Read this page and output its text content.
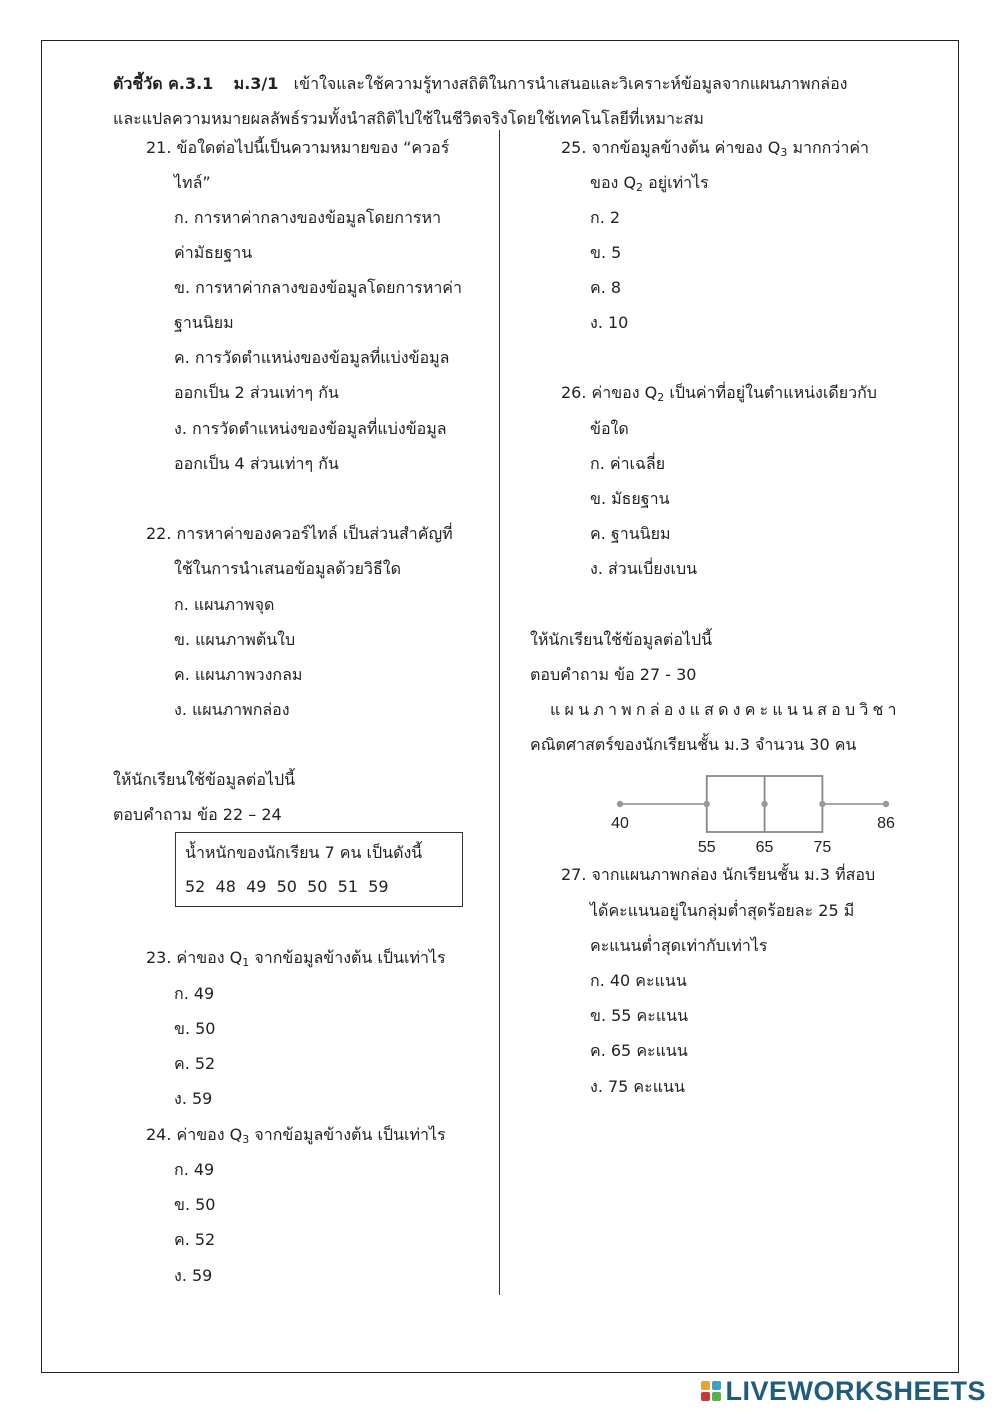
ตัวชี้วัด ค.3.1 ม.3/1 เข้าใจและใช้ความรู้ทางสถิติในการนำเสนอและวิเคราะห์ข้อมูลจากแผนภาพกล่อง
และแปลความหมายผลลัพธ์รวมทั้งนำสถิติไปใช้ในชีวิตจริงโดยใช้เทคโนโลยีที่เหมาะสม
21. ข้อใดต่อไปนี้เป็นความหมายของ “ควอร์
ไทล์”
ก. การหาค่ากลางของข้อมูลโดยการหา
ค่ามัธยฐาน
ข. การหาค่ากลางของข้อมูลโดยการหาค่า
ฐานนิยม
ค. การวัดตำแหน่งของข้อมูลที่แบ่งข้อมูล
ออกเป็น 2 ส่วนเท่าๆ กัน
ง. การวัดตำแหน่งของข้อมูลที่แบ่งข้อมูล
ออกเป็น 4 ส่วนเท่าๆ กัน
22. การหาค่าของควอร์ไทล์ เป็นส่วนสำคัญที่
ใช้ในการนำเสนอข้อมูลด้วยวิธีใด
ก. แผนภาพจุด
ข. แผนภาพต้นใบ
ค. แผนภาพวงกลม
ง. แผนภาพกล่อง
ให้นักเรียนใช้ข้อมูลต่อไปนี้
ตอบคำถาม ข้อ 22 – 24
น้ำหนักของนักเรียน 7 คน เป็นดังนี้
52  48  49  50  50  51  59
23. ค่าของ $Q_1$ จากข้อมูลข้างต้น เป็นเท่าไร
ก. 49
ข. 50
ค. 52
ง. 59
24. ค่าของ $Q_3$ จากข้อมูลข้างต้น เป็นเท่าไร
ก. 49
ข. 50
ค. 52
ง. 59
25. จากข้อมูลข้างต้น ค่าของ $Q_3$ มากกว่าค่า
ของ $Q_2$ อยู่เท่าไร
ก. 2
ข. 5
ค. 8
ง. 10
26. ค่าของ $Q_2$ เป็นค่าที่อยู่ในตำแหน่งเดียวกับ
ข้อใด
ก. ค่าเฉลี่ย
ข. มัธยฐาน
ค. ฐานนิยม
ง. ส่วนเบี่ยงเบน
ให้นักเรียนใช้ข้อมูลต่อไปนี้
ตอบคำถาม ข้อ 27 - 30
แผนภาพกล่องแสดงคะแนนสอบวิชา
คณิตศาสตร์ของนักเรียนชั้น ม.3 จำนวน 30 คน
40
55	65	75
86
27. จากแผนภาพกล่อง นักเรียนชั้น ม.3 ที่สอบ
ได้คะแนนอยู่ในกลุ่มต่ำสุดร้อยละ 25 มี
คะแนนต่ำสุดเท่ากับเท่าไร
ก. 40 คะแนน
ข. 55 คะแนน
ค. 65 คะแนน
ง. 75 คะแนน
LIVEWORKSHEETS
